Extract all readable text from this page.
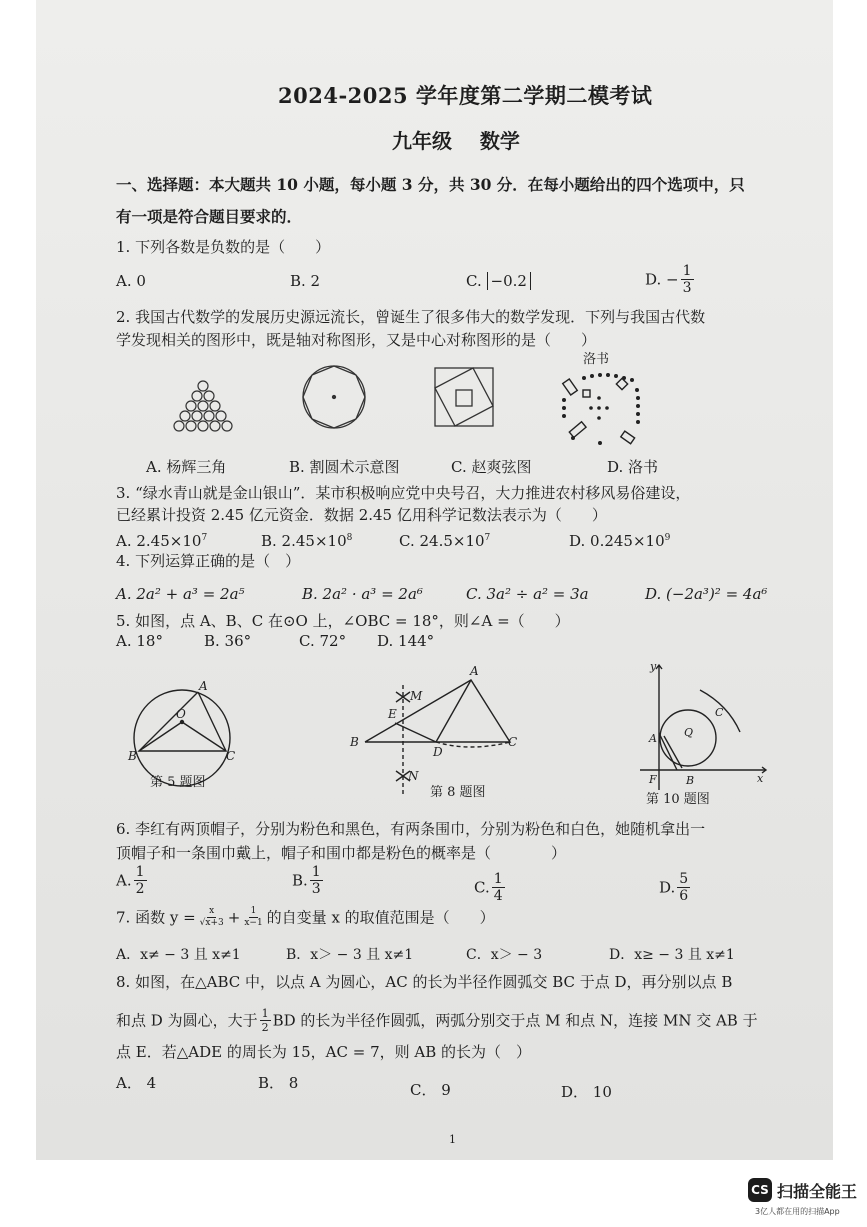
2024-2025 学年度第二学期二模考试
九年级    数学
一、选择题：本大题共 10 小题，每小题 3 分，共 30 分．在每小题给出的四个选项中，只
有一项是符合题目要求的．
1. 下列各数是负数的是（　　）
A. 0	B. 2	C. −0.2	D. − $\frac{1}{3}$
2. 我国古代数学的发展历史源远流长，曾诞生了很多伟大的数学发现．下列与我国古代数
学发现相关的图形中，既是轴对称图形，又是中心对称图形的是（　　）
洛书
A. 杨辉三角	B. 割圆术示意图	C. 赵爽弦图	D. 洛书
3. “绿水青山就是金山银山”．某市积极响应党中央号召，大力推进农村移风易俗建设，
已经累计投资 2.45 亿元资金．数据 2.45 亿用科学记数法表示为（　　）
A. $2.45\times 10^7$	B. $2.45\times 10^8$	C. $24.5\times 10^7$	D. $0.245\times 10^9$
4. 下列运算正确的是（　）
A. 2a² + a³ = 2a⁵	B. 2a² · a³ = 2a⁶	C. 3a² ÷ a² = 3a	D. (−2a³)² = 4a⁶
5. 如图，点 A、B、C 在⊙O 上，∠OBC = 18°，则∠A =（　　）
A. 18°	B. 36°	C. 72° D. 144°
A
B	C
O
A
B	C
D
E
M
N
y
x
F	B
A
C
Q
第 5 题图
第 8 题图	第 10 题图
6. 李红有两顶帽子，分别为粉色和黑色，有两条围巾，分别为粉色和白色，她随机拿出一
顶帽子和一条围巾戴上，帽子和围巾都是粉色的概率是（　　　　）
A. $\frac{1}{2}$	B. $\frac{1}{3}$	C. $\frac{1}{4}$	D. $\frac{5}{6}$
7. 函数 $y = \frac{x}{√x+3} + \frac{1}{x-1}$ 的自变量 x 的取值范围是（　　）
A．x≠ − 3 且 x≠1	B．x＞ − 3 且 x≠1	C．x＞ − 3	D．x≥ − 3 且 x≠1
8. 如图，在△ABC 中，以点 A 为圆心，AC 的长为半径作圆弧交 BC 于点 D，再分别以点 B
和点 D 为圆心，大于 $\frac{1}{2}$ BD 的长为半径作圆弧，两弧分别交于点 M 和点 N，连接 MN 交 AB 于
点 E．若△ADE 的周长为 15，AC = 7，则 AB 的长为（　）
A． 4	B． 8	C． 9	D． 10
1
CS 扫描全能王
3亿人都在用的扫描App
